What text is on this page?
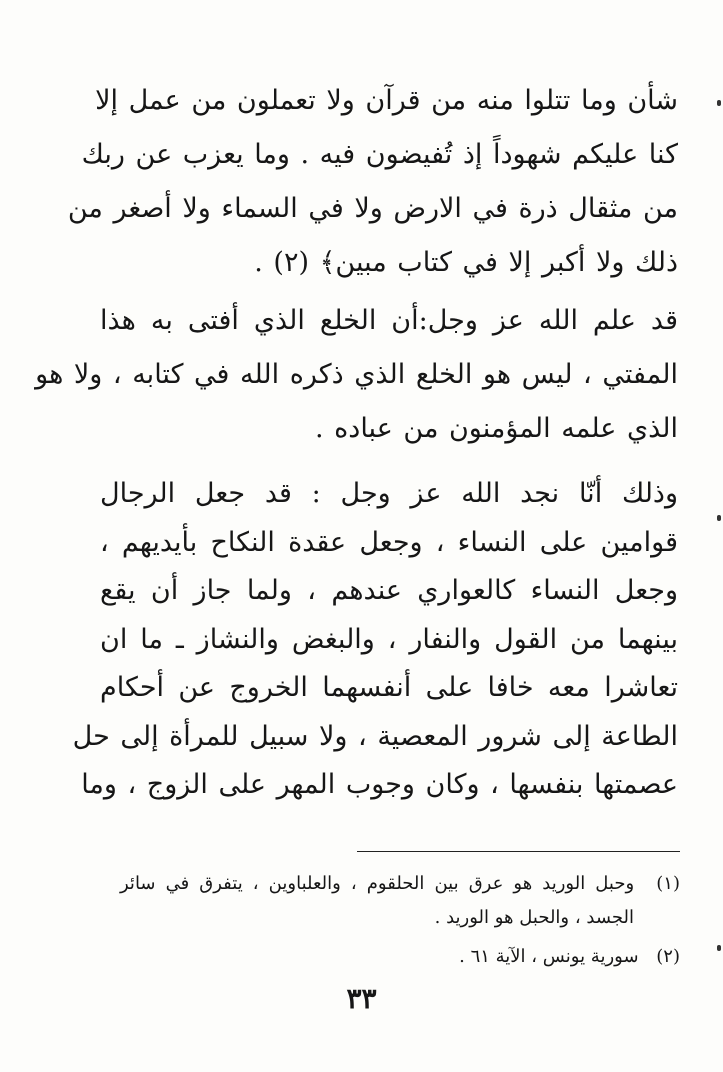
شأن وما تتلوا منه من قرآن ولا تعملون من عمل إلا
كنا عليكم شهوداً إذ تُفيضون فيه . وما يعزب عن ربك
من مثقال ذرة في الارض ولا في السماء ولا أصغر من
ذلك ولا أكبر إلا في كتاب مبين﴾ (٢) .
قد علم الله عز وجل:أن الخلع الذي أفتى به هذا
المفتي ، ليس هو الخلع الذي ذكره الله في كتابه ، ولا هو
الذي علمه المؤمنون من عباده .
وذلك أنّا نجد الله عز وجل : قد جعل الرجال
قوامين على النساء ، وجعل عقدة النكاح بأيديهم ،
وجعل النساء كالعواري عندهم ، ولما جاز أن يقع
بينهما من القول والنفار ، والبغض والنشاز ـ ما ان
تعاشرا معه خافا على أنفسهما الخروج عن أحكام
الطاعة إلى شرور المعصية ، ولا سبيل للمرأة إلى حل
عصمتها بنفسها ، وكان وجوب المهر على الزوج ، وما
(١) وحبل الوريد هو عرق بين الحلقوم ، والعلباوين ، يتفرق في سائر
الجسد ، والحبل هو الوريد .
(٢) سورية يونس ، الآية ٦١ .
٣٣
